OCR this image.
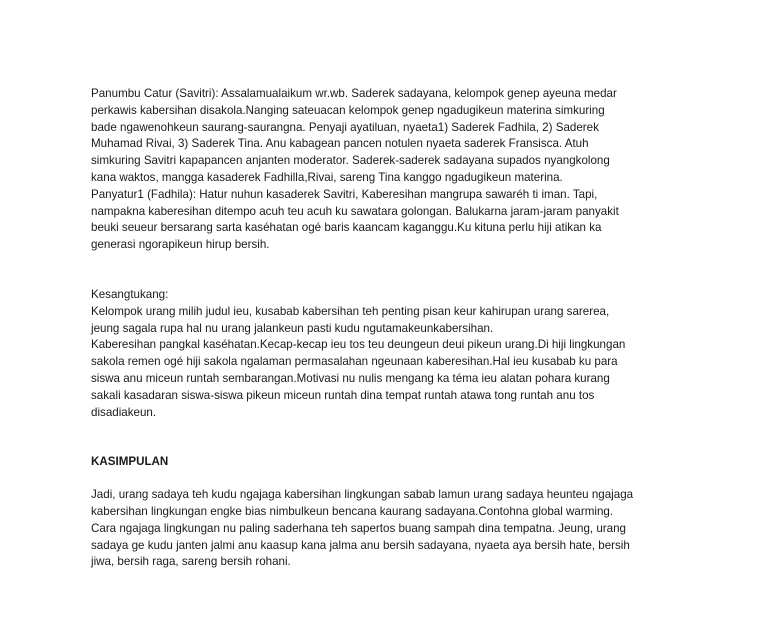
Panumbu Catur (Savitri): Assalamualaikum wr.wb. Saderek sadayana, kelompok genep ayeuna medar
perkawis kabersihan disakola.Nanging sateuacan kelompok genep ngadugikeun materina simkuring
bade ngawenohkeun saurang-saurangna. Penyaji ayatiluan, nyaeta1) Saderek Fadhila, 2) Saderek
Muhamad Rivai, 3) Saderek Tina. Anu kabagean pancen notulen nyaeta saderek Fransisca. Atuh
simkuring Savitri kapapancen anjanten moderator. Saderek-saderek sadayana supados nyangkolong
kana waktos, mangga kasaderek Fadhilla,Rivai, sareng Tina kanggo ngadugikeun materina.
Panyatur1 (Fadhila): Hatur nuhun kasaderek Savitri, Kaberesihan mangrupa sawaréh ti iman. Tapi,
nampakna kaberesihan ditempo acuh teu acuh ku sawatara golongan. Balukarna jaram-jaram panyakit
beuki seueur bersarang sarta kaséhatan ogé baris kaancam kaganggu.Ku kituna perlu hiji atikan ka
generasi ngorapikeun hirup bersih.

Kesangtukang:
Kelompok urang milih judul ieu, kusabab kabersihan teh penting pisan keur kahirupan urang sarerea,
jeung sagala rupa hal nu urang jalankeun pasti kudu ngutamakeunkabersihan.
Kaberesihan pangkal kaséhatan.Kecap-kecap ieu tos teu deungeun deui pikeun urang.Di hiji lingkungan
sakola remen ogé hiji sakola ngalaman permasalahan ngeunaan kaberesihan.Hal ieu kusabab ku para
siswa anu miceun runtah sembarangan.Motivasi nu nulis mengang ka téma ieu alatan pohara kurang
sakali kasadaran siswa-siswa pikeun miceun runtah dina tempat runtah atawa tong runtah anu tos
disadiakeun.

KASIMPULAN

Jadi, urang sadaya teh kudu ngajaga kabersihan lingkungan sabab lamun urang sadaya heunteu ngajaga
kabersihan lingkungan engke bias nimbulkeun bencana kaurang sadayana.Contohna global warming.
Cara ngajaga lingkungan nu paling saderhana teh sapertos buang sampah dina tempatna. Jeung, urang
sadaya ge kudu janten jalmi anu kaasup kana jalma anu bersih sadayana, nyaeta aya bersih hate, bersih
jiwa, bersih raga, sareng bersih rohani.
